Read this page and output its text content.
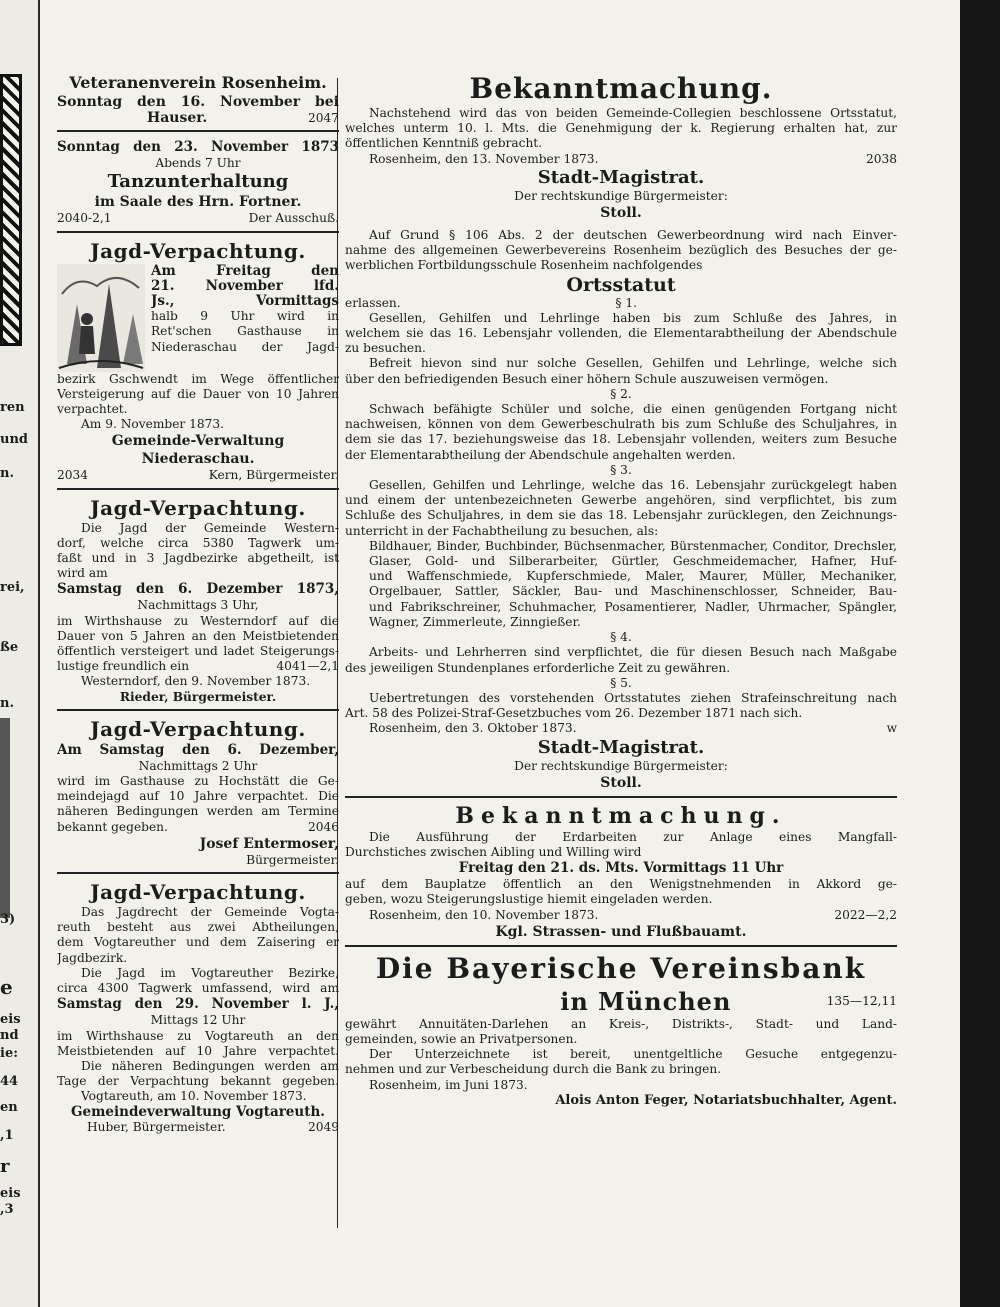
ren
und
n.
rei,
ße
n.
3)
e
eis
nd
ie:
44
en
,1
r
eis
,3
Veteranenverein Rosenheim.
Sonntag den 16. November bei
Hauser.	2047
Sonntag den 23. November 1873
Abends 7 Uhr
Tanzunterhaltung
im Saale des Hrn. Fortner.
2040-2,1	Der Ausschuß.
Jagd-Verpachtung.
Am Freitag den
21. November lfd.
Js., Vormittags
halb 9 Uhr wird in
Ret'schen Gasthause in
Niederaschau der Jagd-
bezirk Gschwendt im Wege öffentlicher
Versteigerung auf die Dauer von 10 Jahren
verpachtet.
Am 9. November 1873.
Gemeinde-Verwaltung
Niederaschau.
2034	Kern, Bürgermeister.
Jagd-Verpachtung.
Die Jagd der Gemeinde Western-
dorf, welche circa 5380 Tagwerk um-
faßt und in 3 Jagdbezirke abgetheilt, ist
wird am
Samstag den 6. Dezember 1873,
Nachmittags 3 Uhr,
im Wirthshause zu Westerndorf auf die
Dauer von 5 Jahren an den Meistbietenden
öffentlich versteigert und ladet Steigerungs-
lustige freundlich ein	4041—2,1
Westerndorf, den 9. November 1873.
Rieder, Bürgermeister.
Jagd-Verpachtung.
Am Samstag den 6. Dezember,
Nachmittags 2 Uhr
wird im Gasthause zu Hochstätt die Ge-
meindejagd auf 10 Jahre verpachtet. Die
näheren Bedingungen werden am Termine
bekannt gegeben.	2046
Josef Entermoser,
Bürgermeister.
Jagd-Verpachtung.
Das Jagdrecht der Gemeinde Vogta-
reuth besteht aus zwei Abtheilungen,
dem Vogtareuther und dem Zaisering er
Jagdbezirk.
Die Jagd im Vogtareuther Bezirke,
circa 4300 Tagwerk umfassend, wird am
Samstag den 29. November l. J.,
Mittags 12 Uhr
im Wirthshause zu Vogtareuth an den
Meistbietenden auf 10 Jahre verpachtet.
Die näheren Bedingungen werden am
Tage der Verpachtung bekannt gegeben.
Vogtareuth, am 10. November 1873.
Gemeindeverwaltung Vogtareuth.
Huber, Bürgermeister.	2049
Bekanntmachung.
Nachstehend wird das von beiden Gemeinde-Collegien beschlossene Ortsstatut,
welches unterm 10. l. Mts. die Genehmigung der k. Regierung erhalten hat, zur
öffentlichen Kenntniß gebracht.
Rosenheim, den 13. November 1873.	2038
Stadt-Magistrat.
Der rechtskundige Bürgermeister:
Stoll.
Auf Grund § 106 Abs. 2 der deutschen Gewerbeordnung wird nach Einver-
nahme des allgemeinen Gewerbevereins Rosenheim bezüglich des Besuches der ge-
werblichen Fortbildungsschule Rosenheim nachfolgendes
Ortsstatut
erlassen.	§ 1.
Gesellen, Gehilfen und Lehrlinge haben bis zum Schluße des Jahres, in
welchem sie das 16. Lebensjahr vollenden, die Elementarabtheilung der Abendschule
zu besuchen.
Befreit hievon sind nur solche Gesellen, Gehilfen und Lehrlinge, welche sich
über den befriedigenden Besuch einer höhern Schule auszuweisen vermögen.
§ 2.
Schwach befähigte Schüler und solche, die einen genügenden Fortgang nicht
nachweisen, können von dem Gewerbeschulrath bis zum Schluße des Schuljahres, in
dem sie das 17. beziehungsweise das 18. Lebensjahr vollenden, weiters zum Besuche
der Elementarabtheilung der Abendschule angehalten werden.
§ 3.
Gesellen, Gehilfen und Lehrlinge, welche das 16. Lebensjahr zurückgelegt haben
und einem der untenbezeichneten Gewerbe angehören, sind verpflichtet, bis zum
Schluße des Schuljahres, in dem sie das 18. Lebensjahr zurücklegen, den Zeichnungs-
unterricht in der Fachabtheilung zu besuchen, als:
Bildhauer, Binder, Buchbinder, Büchsenmacher, Bürstenmacher, Conditor, Drechsler,
Glaser, Gold- und Silberarbeiter, Gürtler, Geschmeidemacher, Hafner, Huf-
und Waffenschmiede, Kupferschmiede, Maler, Maurer, Müller, Mechaniker,
Orgelbauer, Sattler, Säckler, Bau- und Maschinenschlosser, Schneider, Bau-
und Fabrikschreiner, Schuhmacher, Posamentierer, Nadler, Uhrmacher, Spängler,
Wagner, Zimmerleute, Zinngießer.
§ 4.
Arbeits- und Lehrherren sind verpflichtet, die für diesen Besuch nach Maßgabe
des jeweiligen Stundenplanes erforderliche Zeit zu gewähren.
§ 5.
Uebertretungen des vorstehenden Ortsstatutes ziehen Strafeinschreitung nach
Art. 58 des Polizei-Straf-Gesetzbuches vom 26. Dezember 1871 nach sich.
Rosenheim, den 3. Oktober 1873.	w
Stadt-Magistrat.
Der rechtskundige Bürgermeister:
Stoll.
Bekanntmachung.
Die Ausführung der Erdarbeiten zur Anlage eines Mangfall-
Durchstiches zwischen Aibling und Willing wird
Freitag den 21. ds. Mts. Vormittags 11 Uhr
auf dem Bauplatze öffentlich an den Wenigstnehmenden in Akkord ge-
geben, wozu Steigerungslustige hiemit eingeladen werden.
Rosenheim, den 10. November 1873.	2022—2,2
Kgl. Strassen- und Flußbauamt.
Die Bayerische Vereinsbank
in München	135—12,11
gewährt Annuitäten-Darlehen an Kreis-, Distrikts-, Stadt- und Land-
gemeinden, sowie an Privatpersonen.
Der Unterzeichnete ist bereit, unentgeltliche Gesuche entgegenzu-
nehmen und zur Verbescheidung durch die Bank zu bringen.
Rosenheim, im Juni 1873.
Alois Anton Feger, Notariatsbuchhalter, Agent.
